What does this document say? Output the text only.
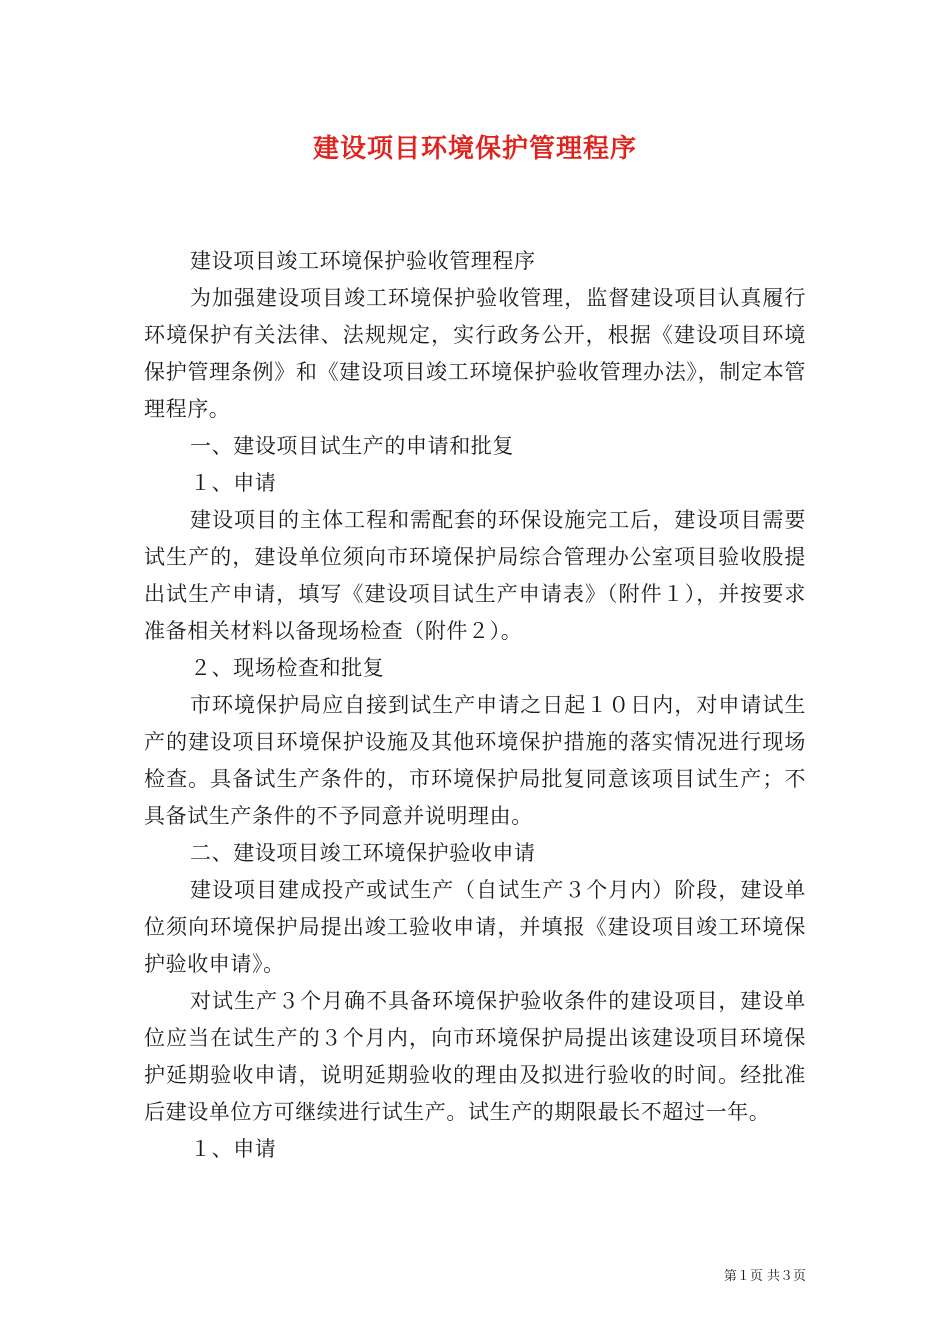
建设项目环境保护管理程序

建设项目竣工环境保护验收管理程序

为加强建设项目竣工环境保护验收管理，监督建设项目认真履行环境保护有关法律、法规规定，实行政务公开，根据《建设项目环境保护管理条例》和《建设项目竣工环境保护验收管理办法》，制定本管理程序。

一、建设项目试生产的申请和批复

１、申请

建设项目的主体工程和需配套的环保设施完工后，建设项目需要试生产的，建设单位须向市环境保护局综合管理办公室项目验收股提出试生产申请，填写《建设项目试生产申请表》（附件１），并按要求准备相关材料以备现场检查（附件２）。

２、现场检查和批复

市环境保护局应自接到试生产申请之日起１０日内，对申请试生产的建设项目环境保护设施及其他环境保护措施的落实情况进行现场检查。具备试生产条件的，市环境保护局批复同意该项目试生产；不具备试生产条件的不予同意并说明理由。

二、建设项目竣工环境保护验收申请

建设项目建成投产或试生产（自试生产３个月内）阶段，建设单位须向环境保护局提出竣工验收申请，并填报《建设项目竣工环境保护验收申请》。

对试生产３个月确不具备环境保护验收条件的建设项目，建设单位应当在试生产的３个月内，向市环境保护局提出该建设项目环境保护延期验收申请，说明延期验收的理由及拟进行验收的时间。经批准后建设单位方可继续进行试生产。试生产的期限最长不超过一年。

１、申请

第１页 共３页
